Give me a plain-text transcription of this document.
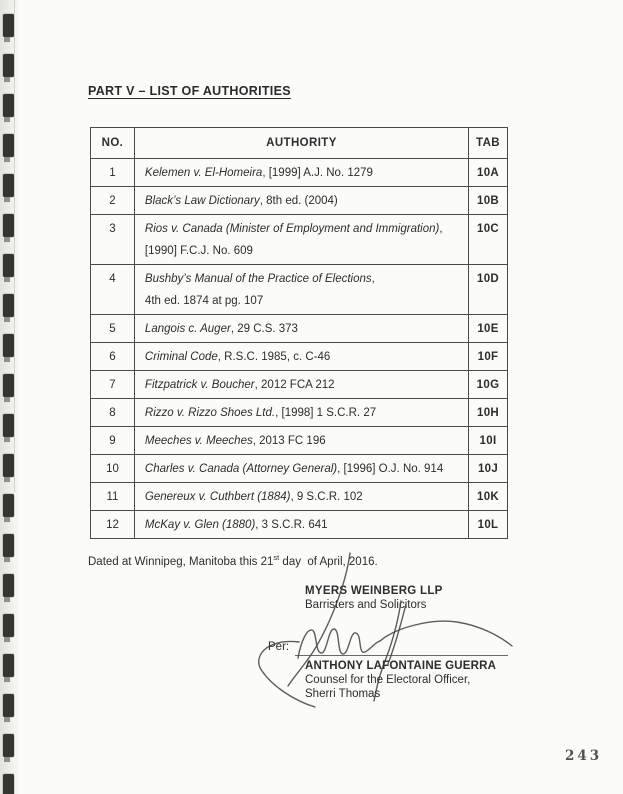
PART V – LIST OF AUTHORITIES
NO.	AUTHORITY	TAB
1	Kelemen v. El-Homeira, [1999] A.J. No. 1279	10A
2	Black’s Law Dictionary, 8th ed. (2004)	10B
3	Rios v. Canada (Minister of Employment and Immigration),
[1990] F.C.J. No. 609	10C
4	Bushby’s Manual of the Practice of Elections,
4th ed. 1874 at pg. 107	10D
5	Langois c. Auger, 29 C.S. 373	10E
6	Criminal Code, R.S.C. 1985, c. C-46	10F
7	Fitzpatrick v. Boucher, 2012 FCA 212	10G
8	Rizzo v. Rizzo Shoes Ltd., [1998] 1 S.C.R. 27	10H
9	Meeches v. Meeches, 2013 FC 196	10I
10	Charles v. Canada (Attorney General), [1996] O.J. No. 914	10J
11	Genereux v. Cuthbert (1884), 9 S.C.R. 102	10K
12	McKay v. Glen (1880), 3 S.C.R. 641	10L

Dated at Winnipeg, Manitoba this 21st day  of April, 2016.

MYERS WEINBERG LLP
Barristers and Solicitors
Per:
ANTHONY LAFONTAINE GUERRA
Counsel for the Electoral Officer,
Sherri Thomas
243
